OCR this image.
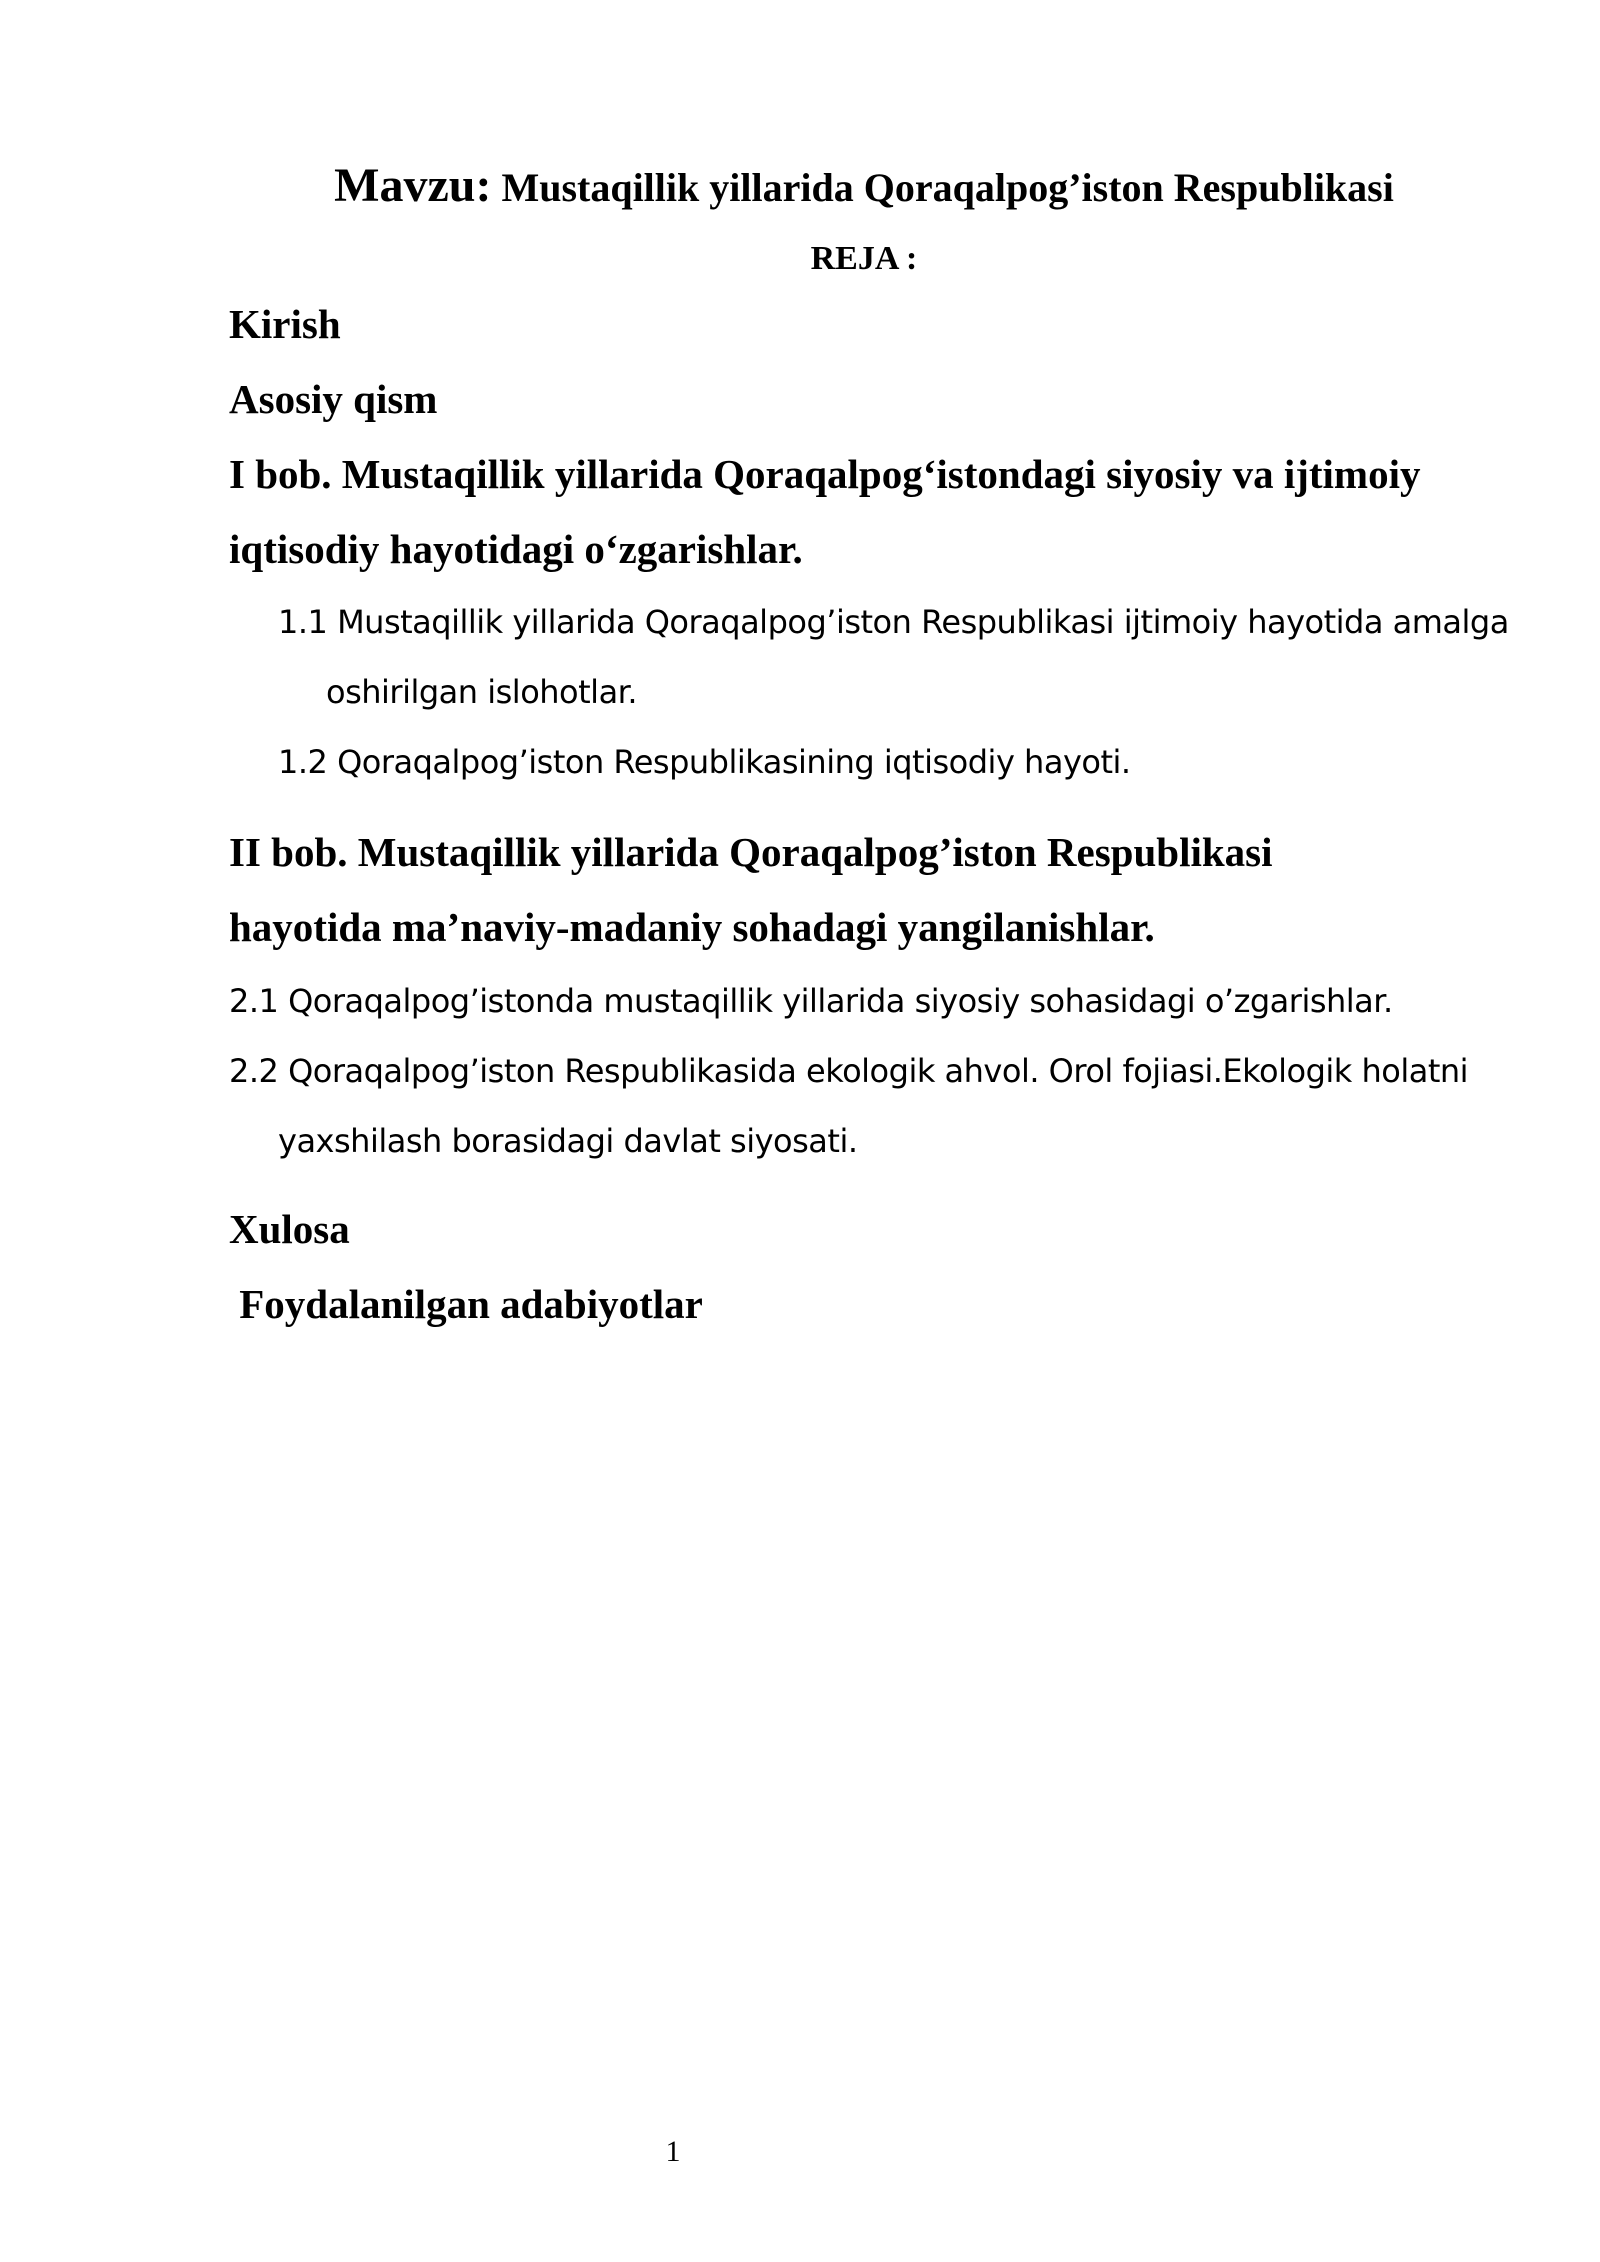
Mavzu: Mustaqillik yillarida Qoraqalpog’iston Respublikasi

REJA :

Kirish

Asosiy qism

I bob. Mustaqillik yillarida Qoraqalpog‘istondagi siyosiy va ijtimoiy

iqtisodiy hayotidagi o‘zgarishlar.

1.1 Mustaqillik yillarida Qoraqalpog’iston Respublikasi ijtimoiy hayotida amalga

oshirilgan islohotlar.

1.2 Qoraqalpog’iston Respublikasining iqtisodiy hayoti.

II bob. Mustaqillik yillarida Qoraqalpog’iston Respublikasi

hayotida ma’naviy-madaniy sohadagi yangilanishlar.

2.1 Qoraqalpog’istonda mustaqillik yillarida siyosiy sohasidagi o’zgarishlar.

2.2 Qoraqalpog’iston Respublikasida ekologik ahvol. Orol fojiasi.Ekologik holatni

yaxshilash borasidagi davlat siyosati.

Xulosa

Foydalanilgan adabiyotlar

1
